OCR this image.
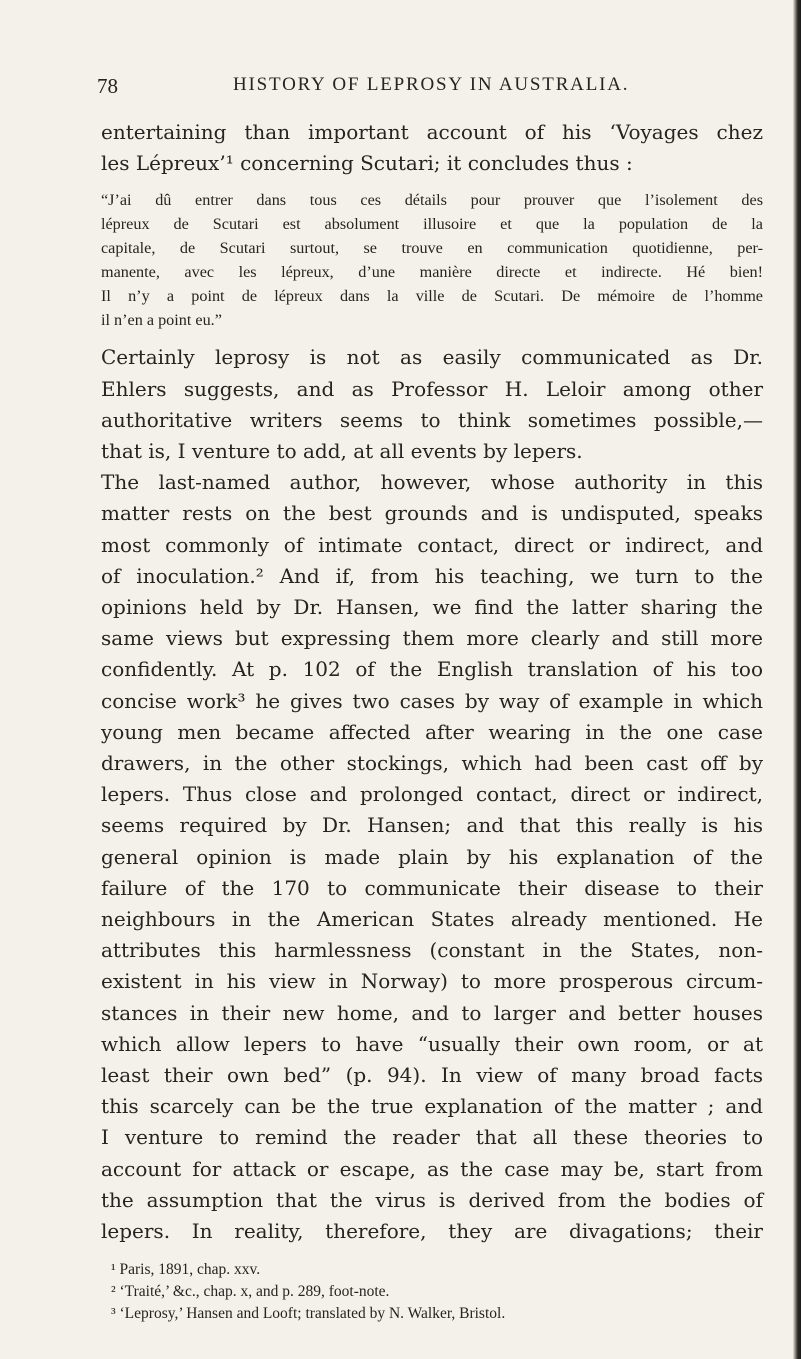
78	HISTORY OF LEPROSY IN AUSTRALIA.
entertaining than important account of his ‘Voyages chez
les Lépreux’¹ concerning Scutari; it concludes thus :
“J’ai dû entrer dans tous ces détails pour prouver que l’isolement des
lépreux de Scutari est absolument illusoire et que la population de la
capitale, de Scutari surtout, se trouve en communication quotidienne, per-
manente, avec les lépreux, d’une manière directe et indirecte. Hé bien!
Il n’y a point de lépreux dans la ville de Scutari. De mémoire de l’homme
il n’en a point eu.”
Certainly leprosy is not as easily communicated as Dr.
Ehlers suggests, and as Professor H. Leloir among other
authoritative writers seems to think sometimes possible,—
that is, I venture to add, at all events by lepers.
The last-named author, however, whose authority in this
matter rests on the best grounds and is undisputed, speaks
most commonly of intimate contact, direct or indirect, and
of inoculation.² And if, from his teaching, we turn to the
opinions held by Dr. Hansen, we find the latter sharing the
same views but expressing them more clearly and still more
confidently. At p. 102 of the English translation of his too
concise work³ he gives two cases by way of example in which
young men became affected after wearing in the one case
drawers, in the other stockings, which had been cast off by
lepers. Thus close and prolonged contact, direct or indirect,
seems required by Dr. Hansen; and that this really is his
general opinion is made plain by his explanation of the
failure of the 170 to communicate their disease to their
neighbours in the American States already mentioned. He
attributes this harmlessness (constant in the States, non-
existent in his view in Norway) to more prosperous circum-
stances in their new home, and to larger and better houses
which allow lepers to have “usually their own room, or at
least their own bed” (p. 94). In view of many broad facts
this scarcely can be the true explanation of the matter ; and
I venture to remind the reader that all these theories to
account for attack or escape, as the case may be, start from
the assumption that the virus is derived from the bodies of
lepers. In reality, therefore, they are divagations; their
¹ Paris, 1891, chap. xxv.
² ‘Traité,’ &c., chap. x, and p. 289, foot-note.
³ ‘Leprosy,’ Hansen and Looft; translated by N. Walker, Bristol.
